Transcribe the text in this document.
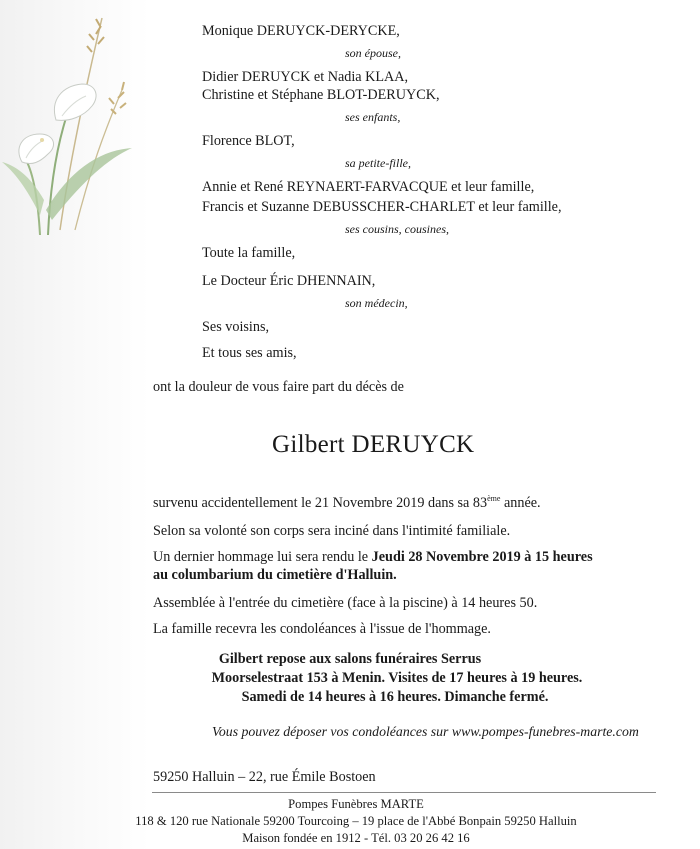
Monique DERUYCK-DERYCKE,
son épouse,
Didier DERUYCK et Nadia KLAA,
Christine et Stéphane BLOT-DERUYCK,
ses enfants,
Florence BLOT,
sa petite-fille,
Annie et René REYNAERT-FARVACQUE et leur famille,
Francis et Suzanne DEBUSSCHER-CHARLET et leur famille,
ses cousins, cousines,
Toute la famille,
Le Docteur Éric DHENNAIN,
son médecin,
Ses voisins,
Et tous ses amis,
ont la douleur de vous faire part du décès de
Gilbert DERUYCK
survenu accidentellement le 21 Novembre 2019 dans sa 83ème année.
Selon sa volonté son corps sera inciné dans l'intimité familiale.
Un dernier hommage lui sera rendu le Jeudi 28 Novembre 2019 à 15 heures
au columbarium du cimetière d'Halluin.
Assemblée à l'entrée du cimetière (face à la piscine) à 14 heures 50.
La famille recevra les condoléances à l'issue de l'hommage.
Gilbert repose aux salons funéraires Serrus
Moorselestraat 153 à Menin. Visites de 17 heures à 19 heures.
Samedi de 14 heures à 16 heures. Dimanche fermé.
Vous pouvez déposer vos condoléances sur www.pompes-funebres-marte.com
59250 Halluin – 22, rue Émile Bostoen
Pompes Funèbres MARTE
118 & 120 rue Nationale 59200 Tourcoing – 19 place de l'Abbé Bonpain 59250 Halluin
Maison fondée en 1912 - Tél. 03 20 26 42 16
